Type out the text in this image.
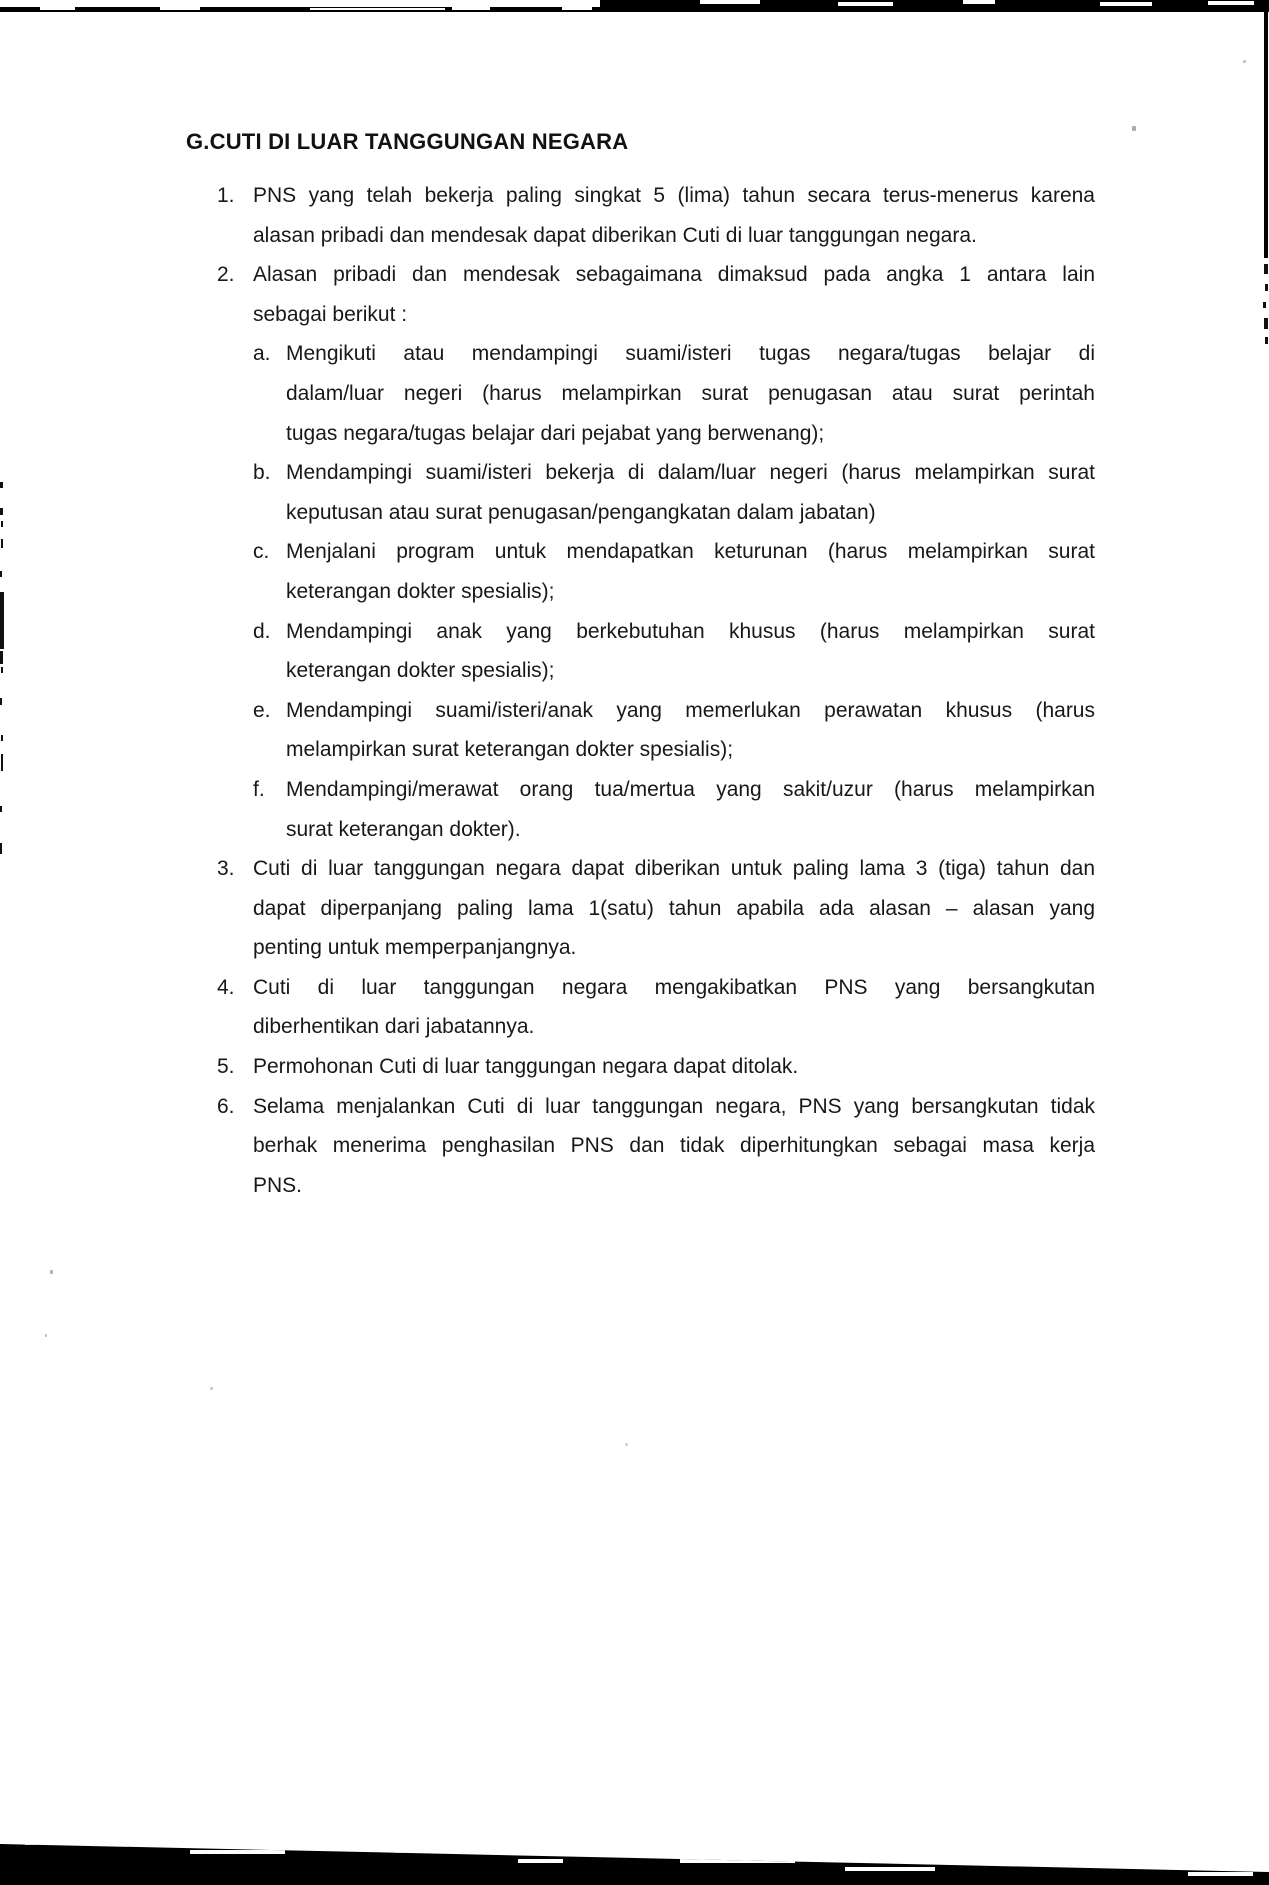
G. CUTI DI LUAR TANGGUNGAN NEGARA
1. PNS yang telah bekerja paling singkat 5 (lima) tahun secara terus-menerus karena
alasan pribadi dan mendesak dapat diberikan Cuti di luar tanggungan negara.
2. Alasan pribadi dan mendesak sebagaimana dimaksud pada angka 1 antara lain
sebagai berikut :
a. Mengikuti atau mendampingi suami/isteri tugas negara/tugas belajar di
dalam/luar negeri (harus melampirkan surat penugasan atau surat perintah
tugas negara/tugas belajar dari pejabat yang berwenang);
b. Mendampingi suami/isteri bekerja di dalam/luar negeri (harus melampirkan surat
keputusan atau surat penugasan/pengangkatan dalam jabatan)
c. Menjalani program untuk mendapatkan keturunan (harus melampirkan surat
keterangan dokter spesialis);
d. Mendampingi anak yang berkebutuhan khusus (harus melampirkan surat
keterangan dokter spesialis);
e. Mendampingi suami/isteri/anak yang memerlukan perawatan khusus (harus
melampirkan surat keterangan dokter spesialis);
f.	Mendampingi/merawat orang tua/mertua yang sakit/uzur (harus melampirkan
surat keterangan dokter).
3. Cuti di luar tanggungan negara dapat diberikan untuk paling lama 3 (tiga) tahun dan
dapat diperpanjang paling lama 1(satu) tahun apabila ada alasan – alasan yang
penting untuk memperpanjangnya.
4. Cuti di luar tanggungan negara mengakibatkan PNS yang bersangkutan
diberhentikan dari jabatannya.
5. Permohonan Cuti di luar tanggungan negara dapat ditolak.
6. Selama menjalankan Cuti di luar tanggungan negara, PNS yang bersangkutan tidak
berhak menerima penghasilan PNS dan tidak diperhitungkan sebagai masa kerja
PNS.
